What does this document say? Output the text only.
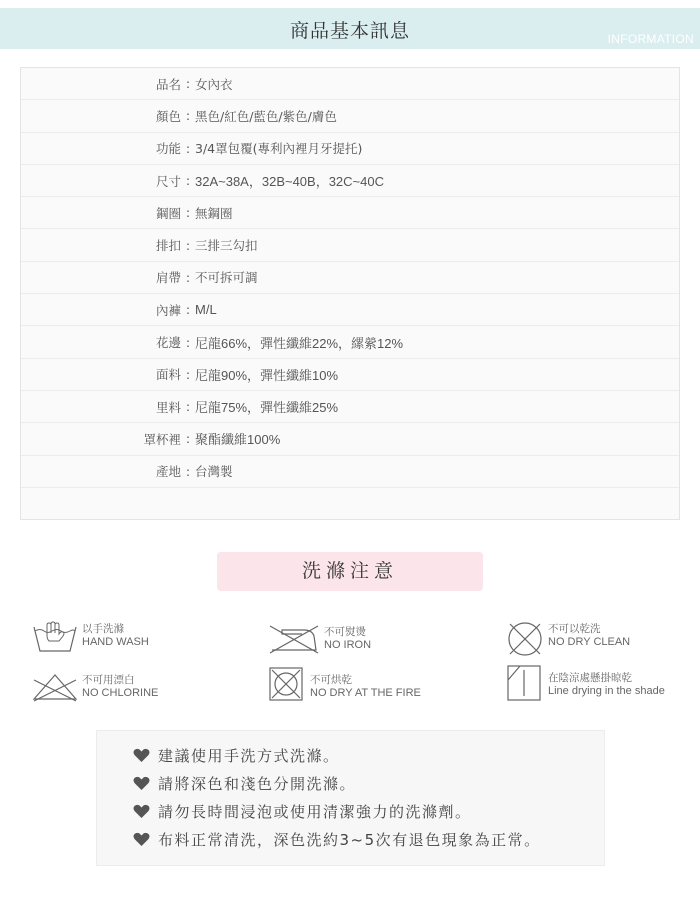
商品基本訊息	INFORMATION
品名 : 女內衣
顏色 : 黑色/紅色/藍色/紫色/膚色
功能 : 3/4罩包覆(專利內裡月牙提托)
尺寸 : 32A~38A，32B~40B，32C~40C
鋼圈 : 無鋼圈
排扣 : 三排三勾扣
肩帶 : 不可拆可調
內褲 : M/L
花邊 : 尼龍66%，彈性纖維22%，縲縈12%
面料 : 尼龍90%，彈性纖維10%
里料 : 尼龍75%，彈性纖維25%
罩杯裡 : 聚酯纖維100%
產地 : 台灣製
洗滌注意
以手洗滌
HAND WASH
不可熨燙
NO IRON
不可以乾洗
NO DRY CLEAN
不可用漂白
NO CHLORINE
不可烘乾
NO DRY AT THE FIRE
在陰涼處懸掛晾乾
Line drying in the shade
建議使用手洗方式洗滌。
請將深色和淺色分開洗滌。
請勿長時間浸泡或使用清潔強力的洗滌劑。
布料正常清洗，深色洗約3~5次有退色現象為正常。
